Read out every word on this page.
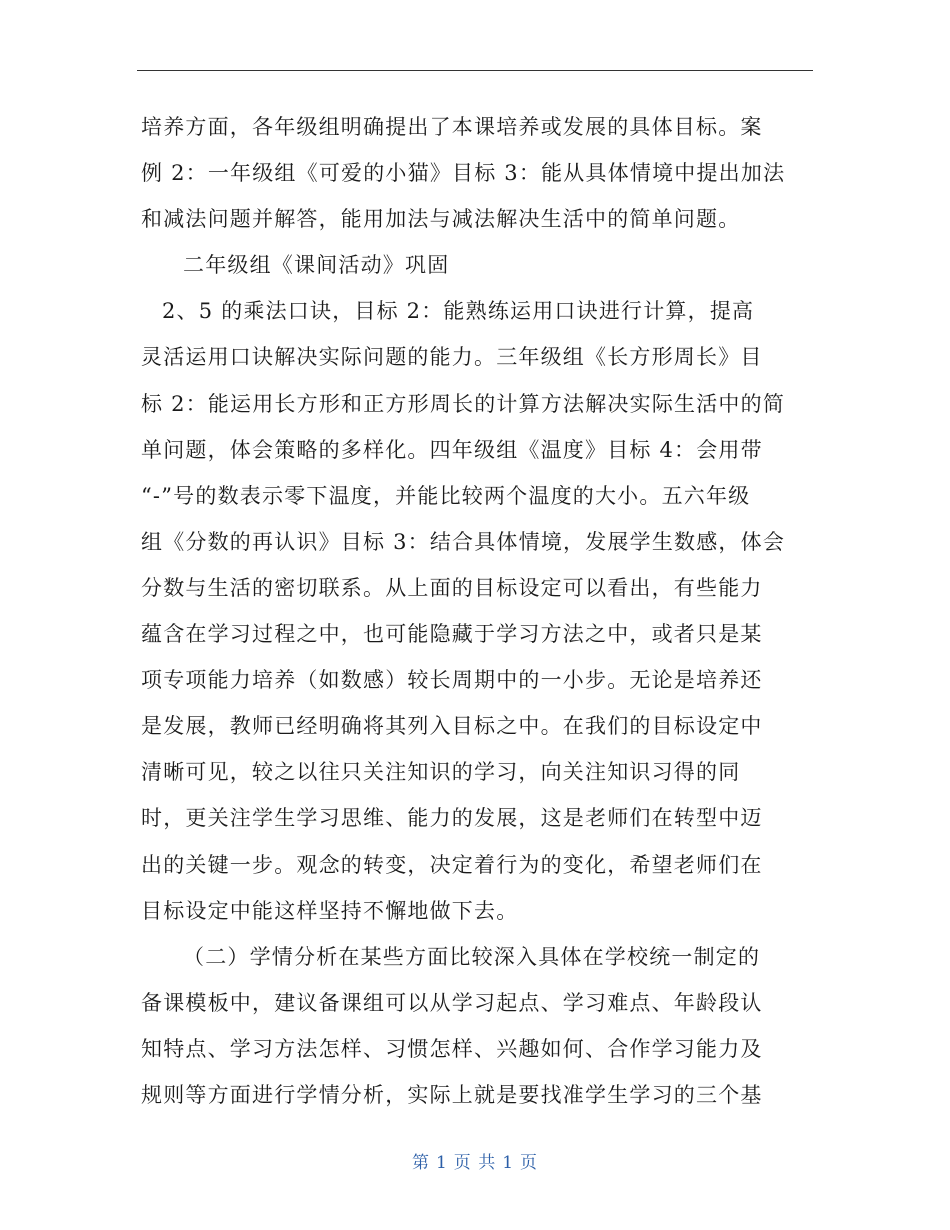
培养方面，各年级组明确提出了本课培养或发展的具体目标。案
例 2：一年级组《可爱的小猫》目标 3：能从具体情境中提出加法
和减法问题并解答，能用加法与减法解决生活中的简单问题。
二年级组《课间活动》巩固
2、5 的乘法口诀，目标 2：能熟练运用口诀进行计算，提高
灵活运用口诀解决实际问题的能力。三年级组《长方形周长》目
标 2：能运用长方形和正方形周长的计算方法解决实际生活中的简
单问题，体会策略的多样化。四年级组《温度》目标 4：会用带
“-”号的数表示零下温度，并能比较两个温度的大小。五六年级
组《分数的再认识》目标 3：结合具体情境，发展学生数感，体会
分数与生活的密切联系。从上面的目标设定可以看出，有些能力
蕴含在学习过程之中，也可能隐藏于学习方法之中，或者只是某
项专项能力培养（如数感）较长周期中的一小步。无论是培养还
是发展，教师已经明确将其列入目标之中。在我们的目标设定中
清晰可见，较之以往只关注知识的学习，向关注知识习得的同
时，更关注学生学习思维、能力的发展，这是老师们在转型中迈
出的关键一步。观念的转变，决定着行为的变化，希望老师们在
目标设定中能这样坚持不懈地做下去。
（二）学情分析在某些方面比较深入具体在学校统一制定的
备课模板中，建议备课组可以从学习起点、学习难点、年龄段认
知特点、学习方法怎样、习惯怎样、兴趣如何、合作学习能力及
规则等方面进行学情分析，实际上就是要找准学生学习的三个基
第 1 页 共 1 页
